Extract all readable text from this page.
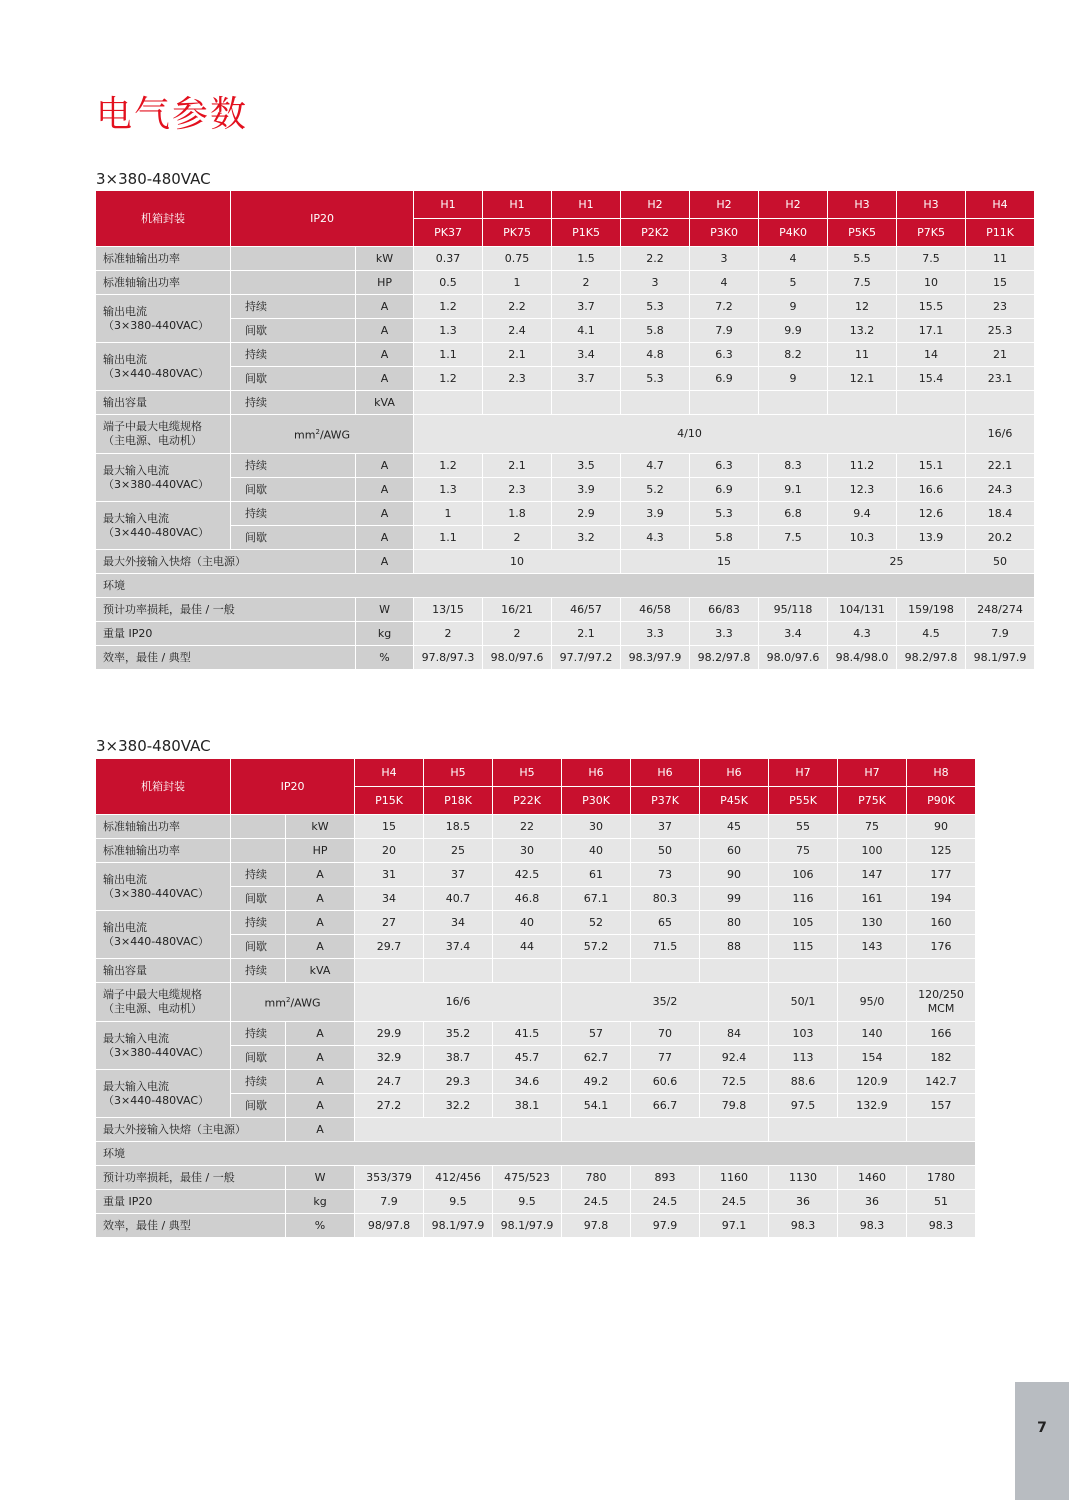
电气参数
3×380-480VAC
机箱封装	IP20		H1	H1	H1	H2	H2	H2	H3	H3	H4
			PK37	PK75	P1K5	P2K2	P3K0	P4K0	P5K5	P7K5	P11K
标准轴输出功率		kW	0.37	0.75	1.5	2.2	3	4	5.5	7.5	11
标准轴输出功率		HP	0.5	1	2	3	4	5	7.5	10	15
输出电流
（3×380-440VAC）	持续	A	1.2	2.2	3.7	5.3	7.2	9	12	15.5	23
	间歇	A	1.3	2.4	4.1	5.8	7.9	9.9	13.2	17.1	25.3
输出电流
（3×440-480VAC）	持续	A	1.1	2.1	3.4	4.8	6.3	8.2	11	14	21
	间歇	A	1.2	2.3	3.7	5.3	6.9	9	12.1	15.4	23.1
输出容量	持续	kVA									
端子中最大电缆规格
（主电源、电动机）	$mm^2$/AWG		4/10								16/6
最大输入电流
（3×380-440VAC）	持续	A	1.2	2.1	3.5	4.7	6.3	8.3	11.2	15.1	22.1
	间歇	A	1.3	2.3	3.9	5.2	6.9	9.1	12.3	16.6	24.3
最大输入电流
（3×440-480VAC）	持续	A	1	1.8	2.9	3.9	5.3	6.8	9.4	12.6	18.4
	间歇	A	1.1	2	3.2	4.3	5.8	7.5	10.3	13.9	20.2
最大外接输入快熔（主电源）		A	10			15			25		50
环境											
预计功率损耗，最佳 / 一般		W	13/15	16/21	46/57	46/58	66/83	95/118	104/131	159/198	248/274
重量 IP20		kg	2	2	2.1	3.3	3.3	3.4	4.3	4.5	7.9
效率，最佳 / 典型		%	97.8/97.3	98.0/97.6	97.7/97.2	98.3/97.9	98.2/97.8	98.0/97.6	98.4/98.0	98.2/97.8	98.1/97.9
3×380-480VAC
机箱封装	IP20		H4	H5	H5	H6	H6	H6	H7	H7	H8
			P15K	P18K	P22K	P30K	P37K	P45K	P55K	P75K	P90K
标准轴输出功率		kW	15	18.5	22	30	37	45	55	75	90
标准轴输出功率		HP	20	25	30	40	50	60	75	100	125
输出电流
（3×380-440VAC）	持续	A	31	37	42.5	61	73	90	106	147	177
	间歇	A	34	40.7	46.8	67.1	80.3	99	116	161	194
输出电流
（3×440-480VAC）	持续	A	27	34	40	52	65	80	105	130	160
	间歇	A	29.7	37.4	44	57.2	71.5	88	115	143	176
输出容量	持续	kVA									
端子中最大电缆规格
（主电源、电动机）	$mm^2$/AWG		16/6			35/2			50/1	95/0	120/250
MCM
最大输入电流
（3×380-440VAC）	持续	A	29.9	35.2	41.5	57	70	84	103	140	166
	间歇	A	32.9	38.7	45.7	62.7	77	92.4	113	154	182
最大输入电流
（3×440-480VAC）	持续	A	24.7	29.3	34.6	49.2	60.6	72.5	88.6	120.9	142.7
	间歇	A	27.2	32.2	38.1	54.1	66.7	79.8	97.5	132.9	157
最大外接输入快熔（主电源）		A									
环境											
预计功率损耗，最佳 / 一般		W	353/379	412/456	475/523	780	893	1160	1130	1460	1780
重量 IP20		kg	7.9	9.5	9.5	24.5	24.5	24.5	36	36	51
效率，最佳 / 典型		%	98/97.8	98.1/97.9	98.1/97.9	97.8	97.9	97.1	98.3	98.3	98.3
7
